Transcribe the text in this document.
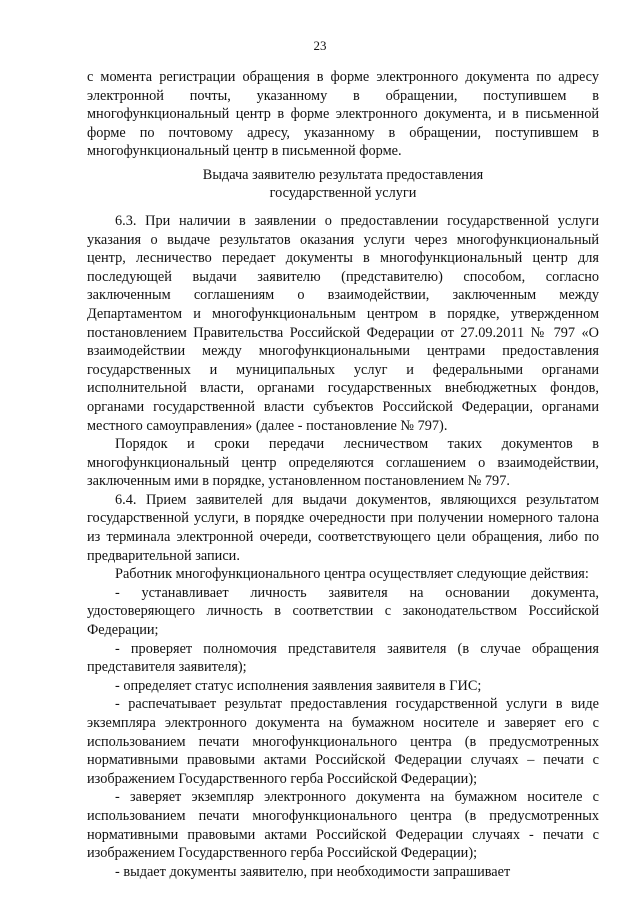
23

с момента регистрации обращения в форме электронного документа по адресу электронной почты, указанному в обращении, поступившем в многофункциональный центр в форме электронного документа, и в письменной форме по почтовому адресу, указанному в обращении, поступившем в многофункциональный центр в письменной форме.

Выдача заявителю результата предоставления
государственной услуги

6.3. При наличии в заявлении о предоставлении государственной услуги указания о выдаче результатов оказания услуги через многофункциональный центр, лесничество передает документы в многофункциональный центр для последующей выдачи заявителю (представителю) способом, согласно заключенным соглашениям о взаимодействии, заключенным между Департаментом и многофункциональным центром в порядке, утвержденном постановлением Правительства Российской Федерации от 27.09.2011 № 797 «О взаимодействии между многофункциональными центрами предоставления государственных и муниципальных услуг и федеральными органами исполнительной власти, органами государственных внебюджетных фондов, органами государственной власти субъектов Российской Федерации, органами местного самоуправления» (далее - постановление № 797).

Порядок и сроки передачи лесничеством таких документов в многофункциональный центр определяются соглашением о взаимодействии, заключенным ими в порядке, установленном постановлением № 797.

6.4. Прием заявителей для выдачи документов, являющихся результатом государственной услуги, в порядке очередности при получении номерного талона из терминала электронной очереди, соответствующего цели обращения, либо по предварительной записи.

Работник многофункционального центра осуществляет следующие действия:

- устанавливает личность заявителя на основании документа, удостоверяющего личность в соответствии с законодательством Российской Федерации;

- проверяет полномочия представителя заявителя (в случае обращения представителя заявителя);

- определяет статус исполнения заявления заявителя в ГИС;

- распечатывает результат предоставления государственной услуги в виде экземпляра электронного документа на бумажном носителе и заверяет его с использованием печати многофункционального центра (в предусмотренных нормативными правовыми актами Российской Федерации случаях – печати с изображением Государственного герба Российской Федерации);

- заверяет экземпляр электронного документа на бумажном носителе с использованием печати многофункционального центра (в предусмотренных нормативными правовыми актами Российской Федерации случаях - печати с изображением Государственного герба Российской Федерации);

- выдает документы заявителю, при необходимости запрашивает
